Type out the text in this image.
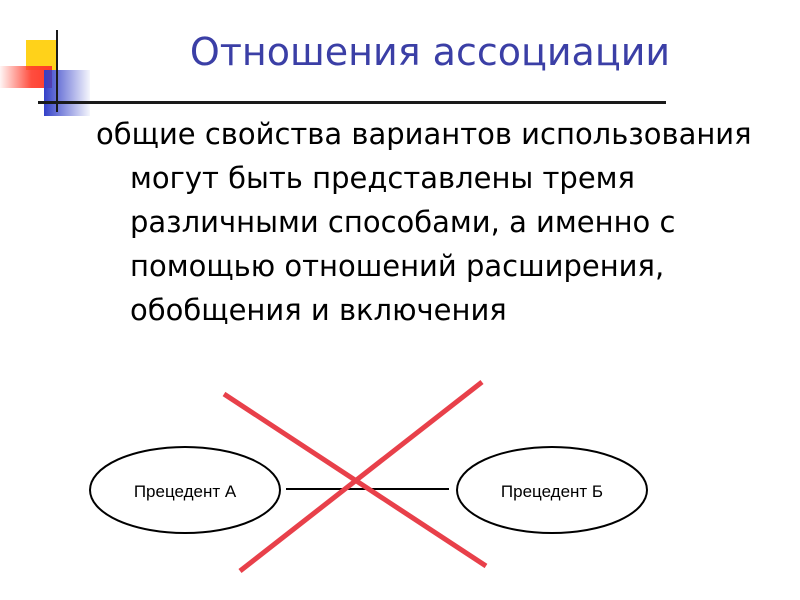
Отношения ассоциации
общие свойства вариантов использования могут быть представлены тремя различными способами, а именно с помощью отношений расширения, обобщения и включения
Прецедент А	Прецедент Б
